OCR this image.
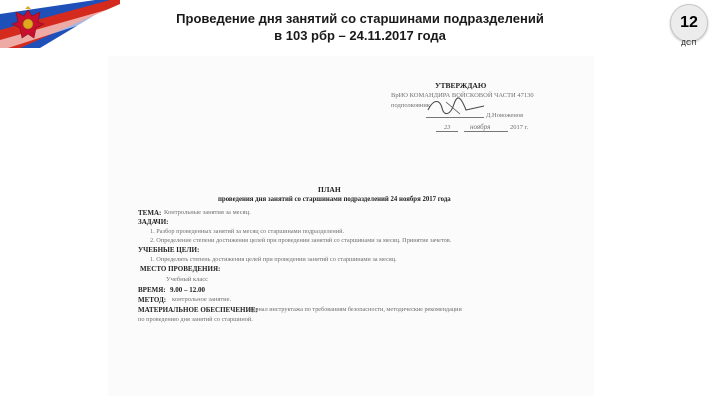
Проведение дня занятий со старшинами подразделений
в 103 рбр – 24.11.2017 года
12
ДСП
УТВЕРЖДАЮ
ВрИО КОМАНДИРА ВОЙСКОВОЙ ЧАСТИ 47130
подполковник
Д.Новоженов
23	ноября	2017 г.
ПЛАН
проведения дня занятий со старшинами подразделений 24 ноября 2017 года
ТЕМА: Контрольные занятия за месяц.
ЗАДАЧИ:
1. Разбор проведенных занятий за месяц со старшинами подразделений.
2. Определение степени достижения целей при проведении занятий со старшинами за месяц. Принятие зачетов.
УЧЕБНЫЕ ЦЕЛИ:
1. Определить степень достижения целей при проведении занятий со старшинами за месяц.
МЕСТО ПРОВЕДЕНИЯ:
Учебный класс
ВРЕМЯ: 9.00 – 12.00
МЕТОД: контрольное занятие.
МАТЕРИАЛЬНОЕ ОБЕСПЕЧЕНИЕ:
журнал инструктажа по требованиям безопасности, методические рекомендации
по проведению дня занятий со старшиной.
